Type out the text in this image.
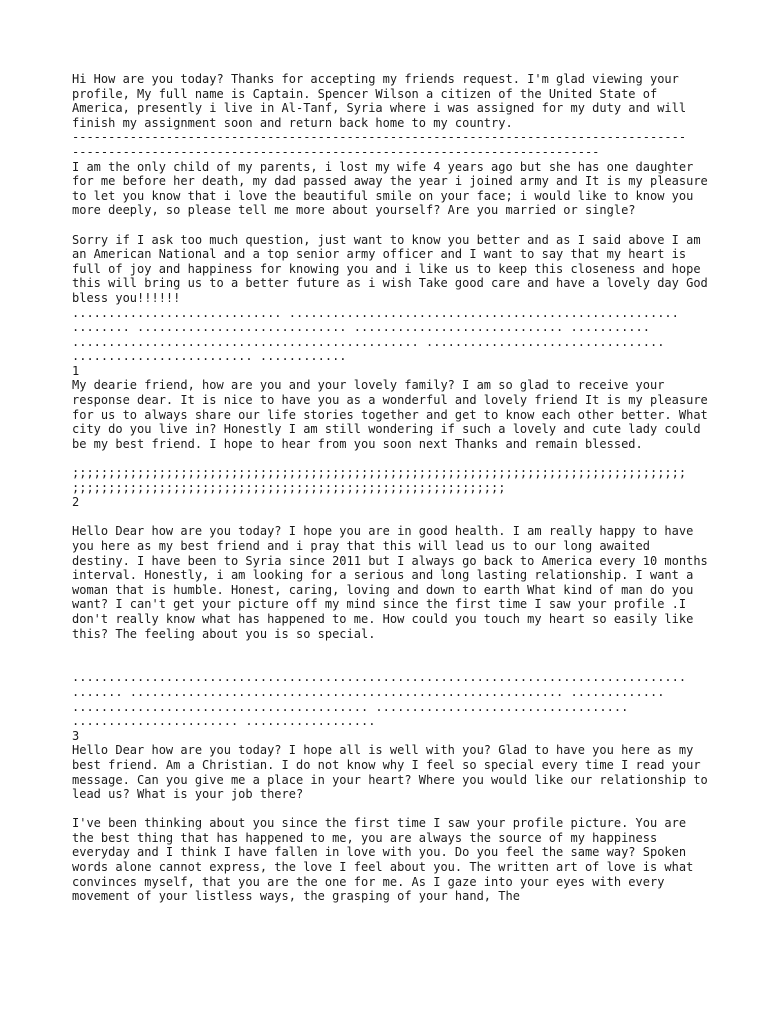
Hi How are you today? Thanks for accepting my friends request. I'm glad viewing your profile, My full name is Captain. Spencer Wilson a citizen of the United State of America, presently i live in Al-Tanf, Syria where i was assigned for my duty and will finish my assignment soon and return back home to my country.

-------------------------------------------------------------------------------------

-------------------------------------------------------------------------

I am the only child of my parents, i lost my wife 4 years ago but she has one daughter for me before her death, my dad passed away the year i joined army and It is my pleasure to let you know that i love the beautiful smile on your face; i would like to know you more deeply, so please tell me more about yourself? Are you married or single?

Sorry if I ask too much question, just want to know you better and as I said above I am an American National and a top senior army officer and I want to say that my heart is full of joy and happiness for knowing you and i like us to keep this closeness and hope this will bring us to a better future as i wish Take good care and have a lovely day God bless you!!!!!!

............................. ......................................................

........ ............................. ............................. ...........

................................................ .................................

......................... ............

1

My dearie friend, how are you and your lovely family? I am so glad to receive your response dear. It is nice to have you as a wonderful and lovely friend It is my pleasure for us to always share our life stories together and get to know each other better. What city do you live in? Honestly I am still wondering if such a lovely and cute lady could be my best friend. I hope to hear from you soon next Thanks and remain blessed.

;;;;;;;;;;;;;;;;;;;;;;;;;;;;;;;;;;;;;;;;;;;;;;;;;;;;;;;;;;;;;;;;;;;;;;;;;;;;;;;;;;;;;

;;;;;;;;;;;;;;;;;;;;;;;;;;;;;;;;;;;;;;;;;;;;;;;;;;;;;;;;;;;;

2

Hello Dear how are you today? I hope you are in good health. I am really happy to have you here as my best friend and i pray that this will lead us to our long awaited destiny. I have been to Syria since 2011 but I always go back to America every 10 months interval. Honestly, i am looking for a serious and long lasting relationship. I want a woman that is humble. Honest, caring, loving and down to earth What kind of man do you want? I can't get your picture off my mind since the first time I saw your profile .I don't really know what has happened to me. How could you touch my heart so easily like this? The feeling about you is so special.

.....................................................................................

....... ............................................................ .............

......................................... ...................................

....................... ..................

3

Hello Dear how are you today? I hope all is well with you? Glad to have you here as my best friend. Am a Christian. I do not know why I feel so special every time I read your message. Can you give me a place in your heart? Where you would like our relationship to lead us? What is your job there?

I've been thinking about you since the first time I saw your profile picture. You are the best thing that has happened to me, you are always the source of my happiness everyday and I think I have fallen in love with you. Do you feel the same way? Spoken words alone cannot express, the love I feel about you. The written art of love is what convinces myself, that you are the one for me. As I gaze into your eyes with every movement of your listless ways, the grasping of your hand, The
